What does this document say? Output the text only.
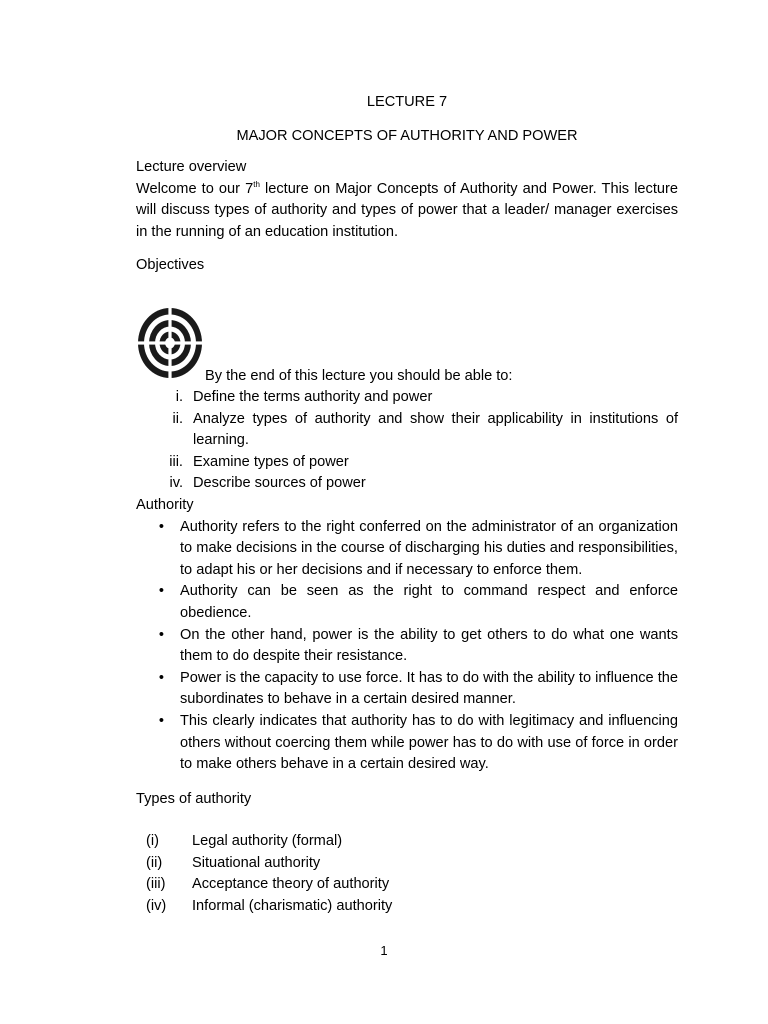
LECTURE 7
MAJOR CONCEPTS OF AUTHORITY AND POWER
Lecture overview

Welcome to our 7th lecture on Major Concepts of Authority and Power. This lecture will discuss types of authority and types of power that a leader/ manager exercises in the running of an education institution.

Objectives
By the end of this lecture you should be able to:
i. Define the terms authority and power
ii. Analyze types of authority and show their applicability in institutions of learning.
iii. Examine types of power
iv. Describe sources of power
Authority
•	Authority refers to the right conferred on the administrator of an organization to make decisions in the course of discharging his duties and responsibilities, to adapt his or her decisions and if necessary to enforce them.
•	Authority can be seen as the right to command respect and enforce obedience.
•	On the other hand, power is the ability to get others to do what one wants them to do despite their resistance.
•	Power is the capacity to use force. It has to do with the ability to influence the subordinates to behave in a certain desired manner.
•	This clearly indicates that authority has to do with legitimacy and influencing others without coercing them while power has to do with use of force in order to make others behave in a certain desired way.
Types of authority
(i)	Legal authority (formal)
(ii)	Situational authority
(iii)	Acceptance theory of authority
(iv)	Informal (charismatic) authority
1
